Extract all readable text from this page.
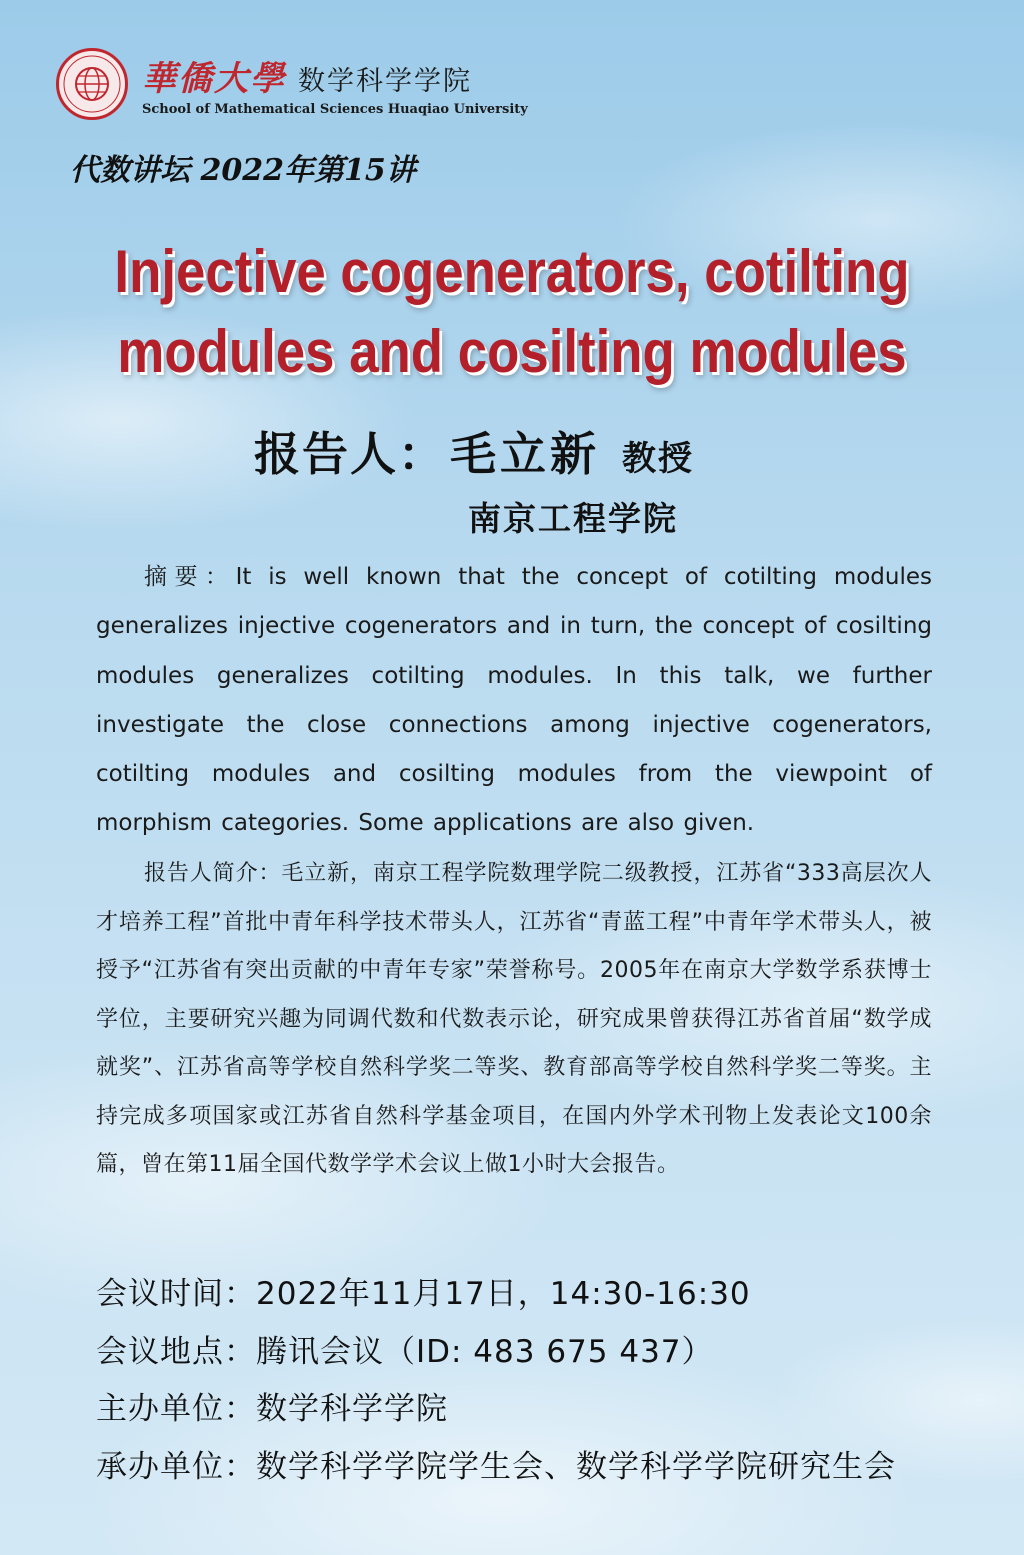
華僑大學 数学科学学院
School of Mathematical Sciences Huaqiao University
代数讲坛 2022年第15讲
Injective cogenerators, cotilting
modules and cosilting modules
报告人： 毛立新 教授
南京工程学院
摘要：It is well known that the concept of cotilting modules generalizes injective cogenerators and in turn, the concept of cosilting modules generalizes cotilting modules. In this talk, we further investigate the close connections among injective cogenerators, cotilting modules and cosilting modules from the viewpoint of morphism categories. Some applications are also given.
报告人简介：毛立新，南京工程学院数理学院二级教授，江苏省“333高层次人才培养工程”首批中青年科学技术带头人，江苏省“青蓝工程”中青年学术带头人，被授予“江苏省有突出贡献的中青年专家”荣誉称号。2005年在南京大学数学系获博士学位，主要研究兴趣为同调代数和代数表示论，研究成果曾获得江苏省首届“数学成就奖”、江苏省高等学校自然科学奖二等奖、教育部高等学校自然科学奖二等奖。主持完成多项国家或江苏省自然科学基金项目，在国内外学术刊物上发表论文100余篇，曾在第11届全国代数学学术会议上做1小时大会报告。
会议时间：2022年11月17日，14:30-16:30
会议地点：腾讯会议（ID: 483 675 437）
主办单位：数学科学学院
承办单位：数学科学学院学生会、数学科学学院研究生会
